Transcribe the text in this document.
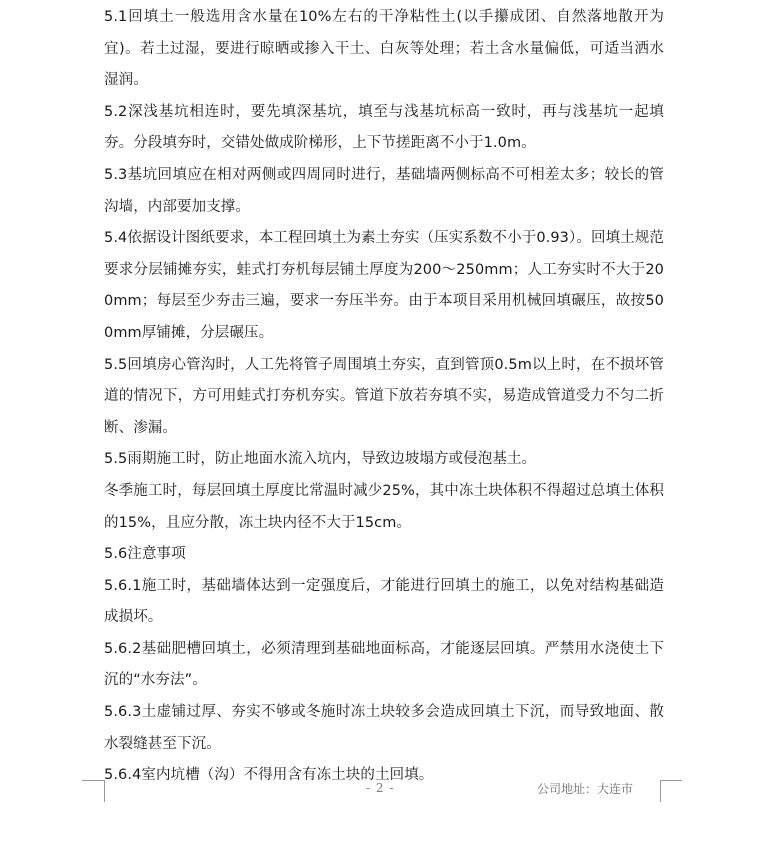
5.1回填土一般选用含水量在10%左右的干净粘性土(以手攥成团、自然落地散开为宜)。若土过湿，要进行晾晒或掺入干土、白灰等处理；若土含水量偏低，可适当洒水湿润。

5.2深浅基坑相连时，要先填深基坑，填至与浅基坑标高一致时，再与浅基坑一起填夯。分段填夯时，交错处做成阶梯形，上下节搓距离不小于1.0m。

5.3基坑回填应在相对两侧或四周同时进行，基础墙两侧标高不可相差太多；较长的管沟墙，内部要加支撑。

5.4依据设计图纸要求，本工程回填土为素土夯实（压实系数不小于0.93）。回填土规范要求分层铺摊夯实，蛙式打夯机每层铺土厚度为200～250mm；人工夯实时不大于200mm；每层至少夯击三遍，要求一夯压半夯。由于本项目采用机械回填碾压，故按500mm厚铺摊，分层碾压。

5.5回填房心管沟时，人工先将管子周围填土夯实，直到管顶0.5m以上时，在不损坏管道的情况下，方可用蛙式打夯机夯实。管道下放若夯填不实，易造成管道受力不匀二折断、渗漏。

5.5雨期施工时，防止地面水流入坑内，导致边坡塌方或侵泡基土。

冬季施工时，每层回填土厚度比常温时减少25%，其中冻土块体积不得超过总填土体积的15%，且应分散，冻土块内径不大于15cm。

5.6注意事项

5.6.1施工时，基础墙体达到一定强度后，才能进行回填土的施工，以免对结构基础造成损坏。

5.6.2基础肥槽回填土，必须清理到基础地面标高，才能逐层回填。严禁用水浇使土下沉的“水夯法”。

5.6.3土虚铺过厚、夯实不够或冬施时冻土块较多会造成回填土下沉，而导致地面、散水裂缝甚至下沉。

5.6.4室内坑槽（沟）不得用含有冻土块的土回填。

- 2 -	公司地址：大连市
